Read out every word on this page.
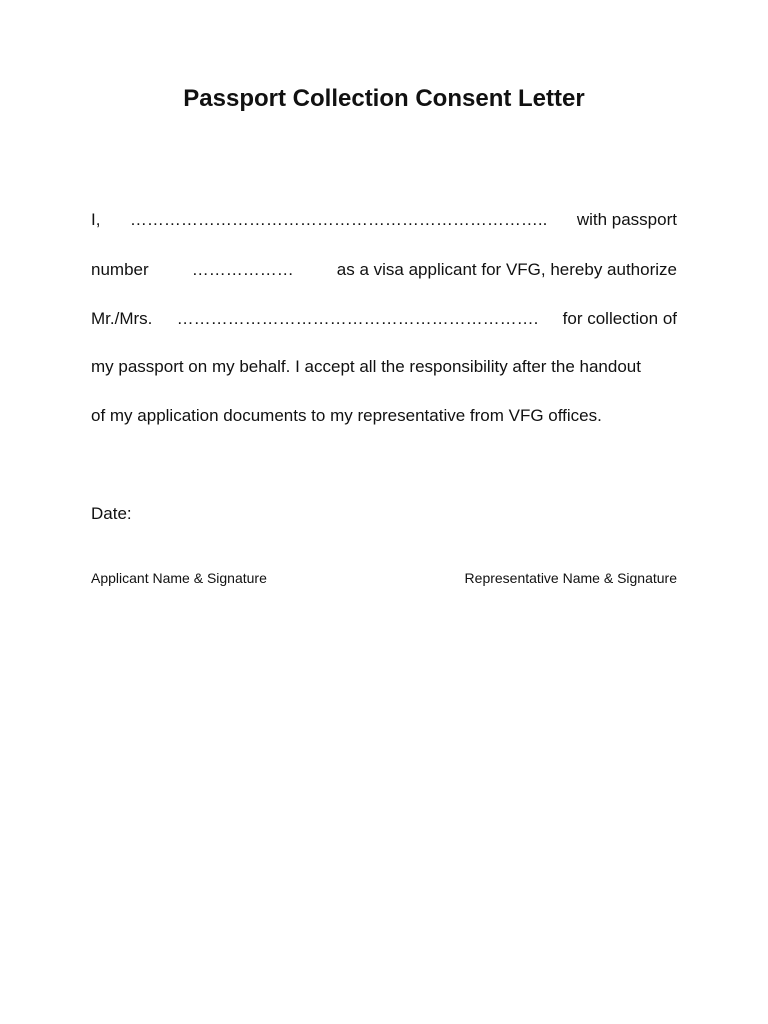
Passport Collection Consent Letter
I, ……………………………………………………………….. with passport
number	………………	as a visa applicant for VFG, hereby authorize
Mr./Mrs. ………………………………………………………. for collection of

my passport on my behalf. I accept all the responsibility after the handout

of my application documents to my representative from VFG offices.

Date:

Applicant Name & Signature	Representative Name & Signature
